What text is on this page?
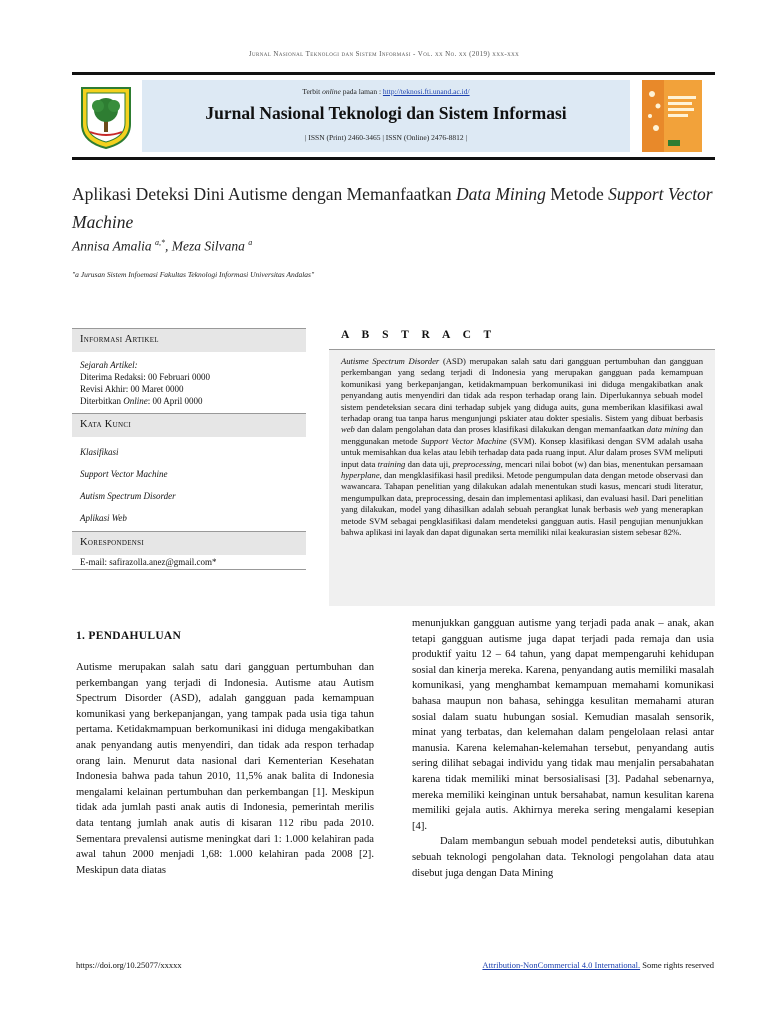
Jurnal Nasional Teknologi dan Sistem Informasi - Vol. xx No. xx (2019) xxx-xxx
Terbit online pada laman : http://teknosi.fti.unand.ac.id/
Jurnal Nasional Teknologi dan Sistem Informasi
| ISSN (Print) 2460-3465 | ISSN (Online) 2476-8812 |
Aplikasi Deteksi Dini Autisme dengan Memanfaatkan Data Mining Metode Support Vector Machine
Annisa Amalia $^{a,*}$, Meza Silvana $^a$
"a Jurusan Sistem Infoemasi Fakultas Teknologi Informasi Universitas Andalas"
Informasi Artikel
Sejarah Artikel:
Diterima Redaksi: 00 Februari 0000
Revisi Akhir: 00 Maret 0000
Diterbitkan Online: 00 April 0000
Kata Kunci
Klasifikasi
Support Vector Machine
Autism Spectrum Disorder
Aplikasi Web
Korespondensi
E-mail: safirazolla.anez@gmail.com*
A B S T R A C T
Autisme Spectrum Disorder (ASD) merupakan salah satu dari gangguan pertumbuhan dan gangguan perkembangan yang sedang terjadi di Indonesia yang merupakan gangguan pada kemampuan komunikasi yang berkepanjangan, ketidakmampuan berkomunikasi ini diduga mengakibatkan anak penyandang autis menyendiri dan tidak ada respon terhadap orang lain. Diperlukannya sebuah model sistem pendeteksian secara dini terhadap subjek yang diduga auits, guna memberikan klasifikasi awal terhadap orang tua tanpa harus mengunjungi pskiater atau dokter spesialis. Sistem yang dibuat berbasis web dan dalam pengolahan data dan proses klasifikasi dilakukan dengan memanfaatkan data mining dan menggunakan metode Support Vector Machine (SVM). Konsep klasifikasi dengan SVM adalah usaha untuk memisahkan dua kelas atau lebih terhadap data pada ruang input. Alur dalam proses SVM meliputi input data training dan data uji, preprocessing, mencari nilai bobot (w) dan bias, menentukan persamaan hyperplane, dan mengklasifikasi hasil prediksi. Metode pengumpulan data dengan metode observasi dan wawancara. Tahapan penelitian yang dilakukan adalah menentukan studi kasus, mencari studi literatur, mengumpulkan data, preprocessing, desain dan implementasi aplikasi, dan evaluasi hasil. Dari penelitian yang dilakukan, model yang dihasilkan adalah sebuah perangkat lunak berbasis web yang menerapkan metode SVM sebagai pengklasifikasi dalam mendeteksi gangguan autis. Hasil pengujian menunjukkan bahwa aplikasi ini layak dan dapat digunakan serta memiliki nilai keakurasian sistem sebesar 82%.
1. PENDAHULUAN

Autisme merupakan salah satu dari gangguan pertumbuhan dan perkembangan yang terjadi di Indonesia. Autisme atau Autism Spectrum Disorder (ASD), adalah gangguan pada kemampuan komunikasi yang berkepanjangan, yang tampak pada usia tiga tahun pertama. Ketidakmampuan berkomunikasi ini diduga mengakibatkan anak penyandang autis menyendiri, dan tidak ada respon terhadap orang lain. Menurut data nasional dari Kementerian Kesehatan Indonesia bahwa pada tahun 2010, 11,5% anak balita di Indonesia mengalami kelainan pertumbuhan dan perkembangan [1]. Meskipun tidak ada jumlah pasti anak autis di Indonesia, pemerintah merilis data tentang jumlah anak autis di kisaran 112 ribu pada 2010. Sementara prevalensi autisme meningkat dari 1: 1.000 kelahiran pada awal tahun 2000 menjadi 1,68: 1.000 kelahiran pada 2008 [2]. Meskipun data diatas

menunjukkan gangguan autisme yang terjadi pada anak – anak, akan tetapi gangguan autisme juga dapat terjadi pada remaja dan usia produktif yaitu 12 – 64 tahun, yang dapat mempengaruhi kehidupan sosial dan kinerja mereka. Karena, penyandang autis memiliki masalah komunikasi, yang menghambat kemampuan memahami komunikasi bahasa maupun non bahasa, sehingga kesulitan memahami aturan sosial dalam suatu hubungan sosial. Kemudian masalah sensorik, minat yang terbatas, dan kelemahan dalam pengelolaan relasi antar manusia. Karena kelemahan-kelemahan tersebut, penyandang autis sering dilihat sebagai individu yang tidak mau menjalin persabahatan karena tidak memiliki minat bersosialisasi [3]. Padahal sebenarnya, mereka memiliki keinginan untuk bersahabat, namun kesulitan karena memiliki gejala autis. Akhirnya mereka sering mengalami kesepian [4].

Dalam membangun sebuah model pendeteksi autis, dibutuhkan sebuah teknologi pengolahan data. Teknologi pengolahan data atau disebut juga dengan Data Mining

https://doi.org/10.25077/xxxxx	Attribution-NonCommercial 4.0 International. Some rights reserved
